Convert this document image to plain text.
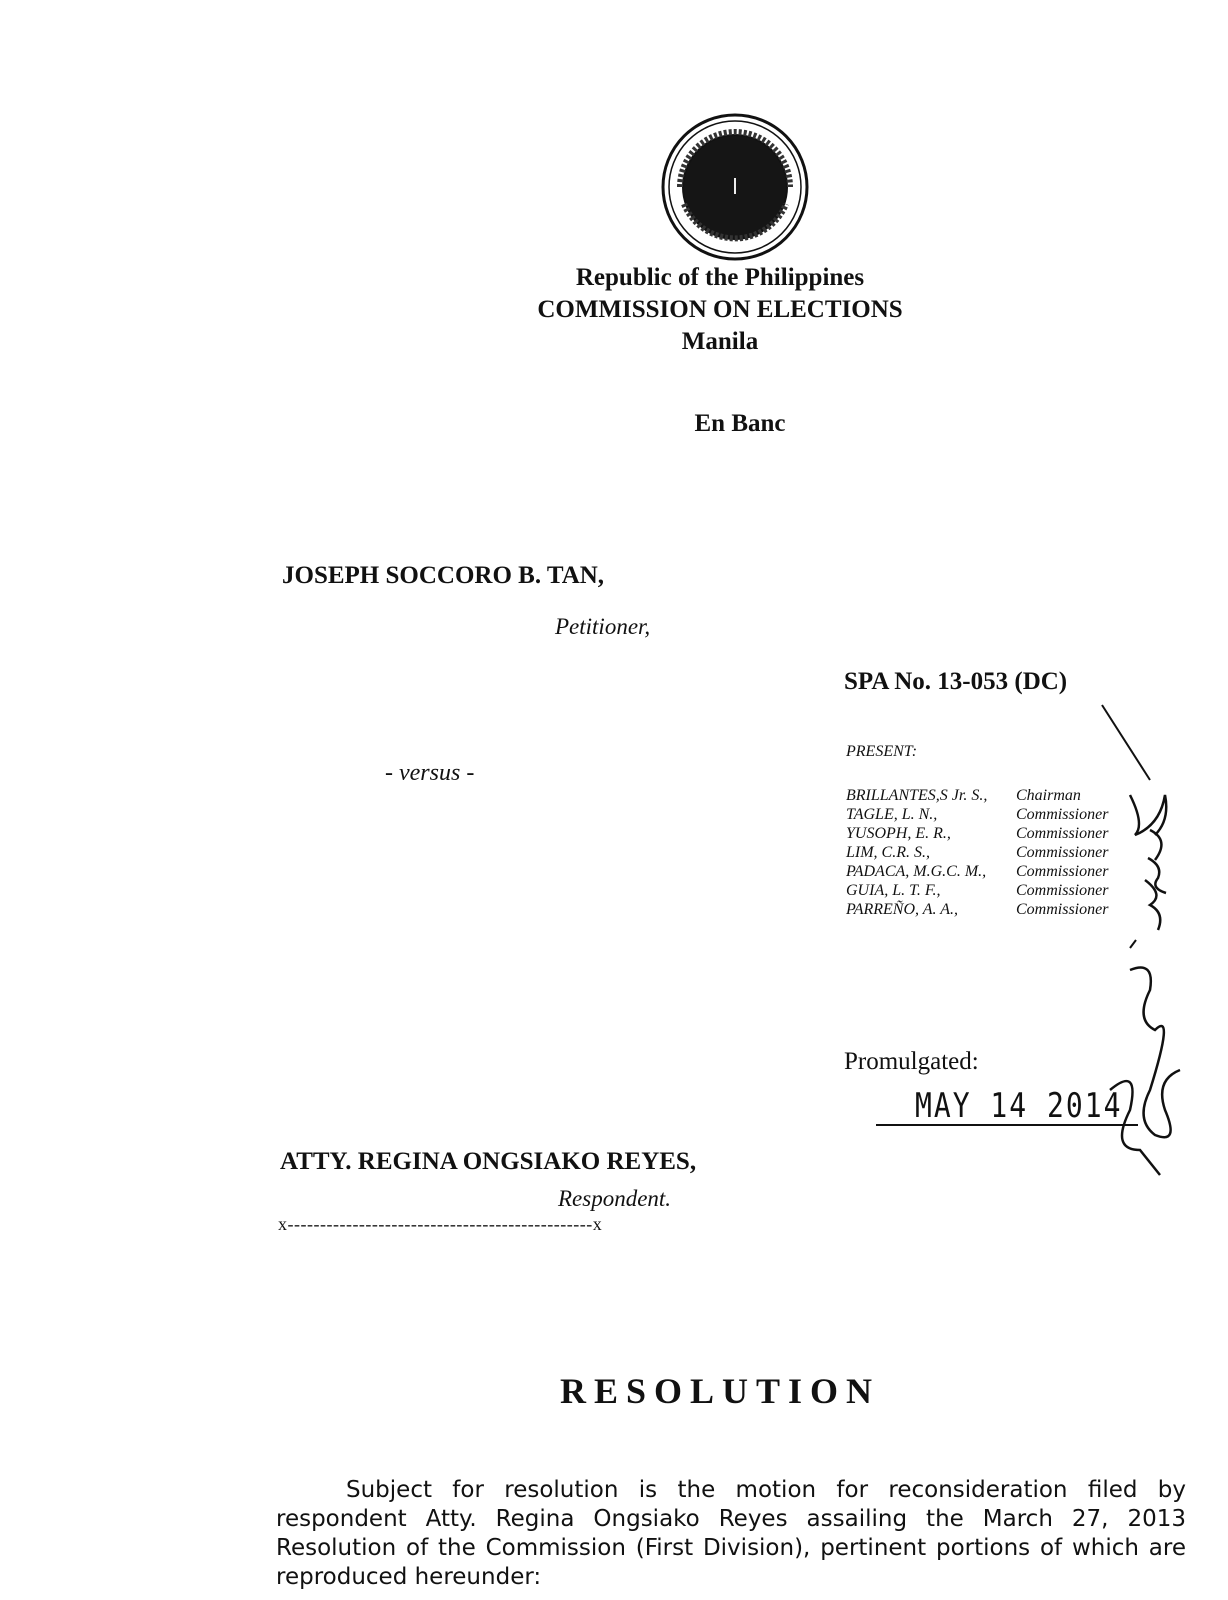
Republic of the Philippines
COMMISSION ON ELECTIONS
Manila
En Banc
JOSEPH SOCCORO B. TAN,
Petitioner,
- versus -
SPA No. 13-053 (DC)
PRESENT:
BRILLANTES,S Jr. S.,	Chairman
TAGLE, L. N.,	Commissioner
YUSOPH, E. R.,	Commissioner
LIM, C.R. S.,	Commissioner
PADACA, M.G.C. M.,	Commissioner
GUIA, L. T. F.,	Commissioner
PARREÑO, A. A.,	Commissioner
Promulgated:
MAY 14 2014
ATTY. REGINA ONGSIAKO REYES,
Respondent.
x-----------------------------------------------x
RESOLUTION
Subject for resolution is the motion for reconsideration filed by respondent Atty. Regina Ongsiako Reyes assailing the March 27, 2013 Resolution of the Commission (First Division), pertinent portions of which are reproduced hereunder:
